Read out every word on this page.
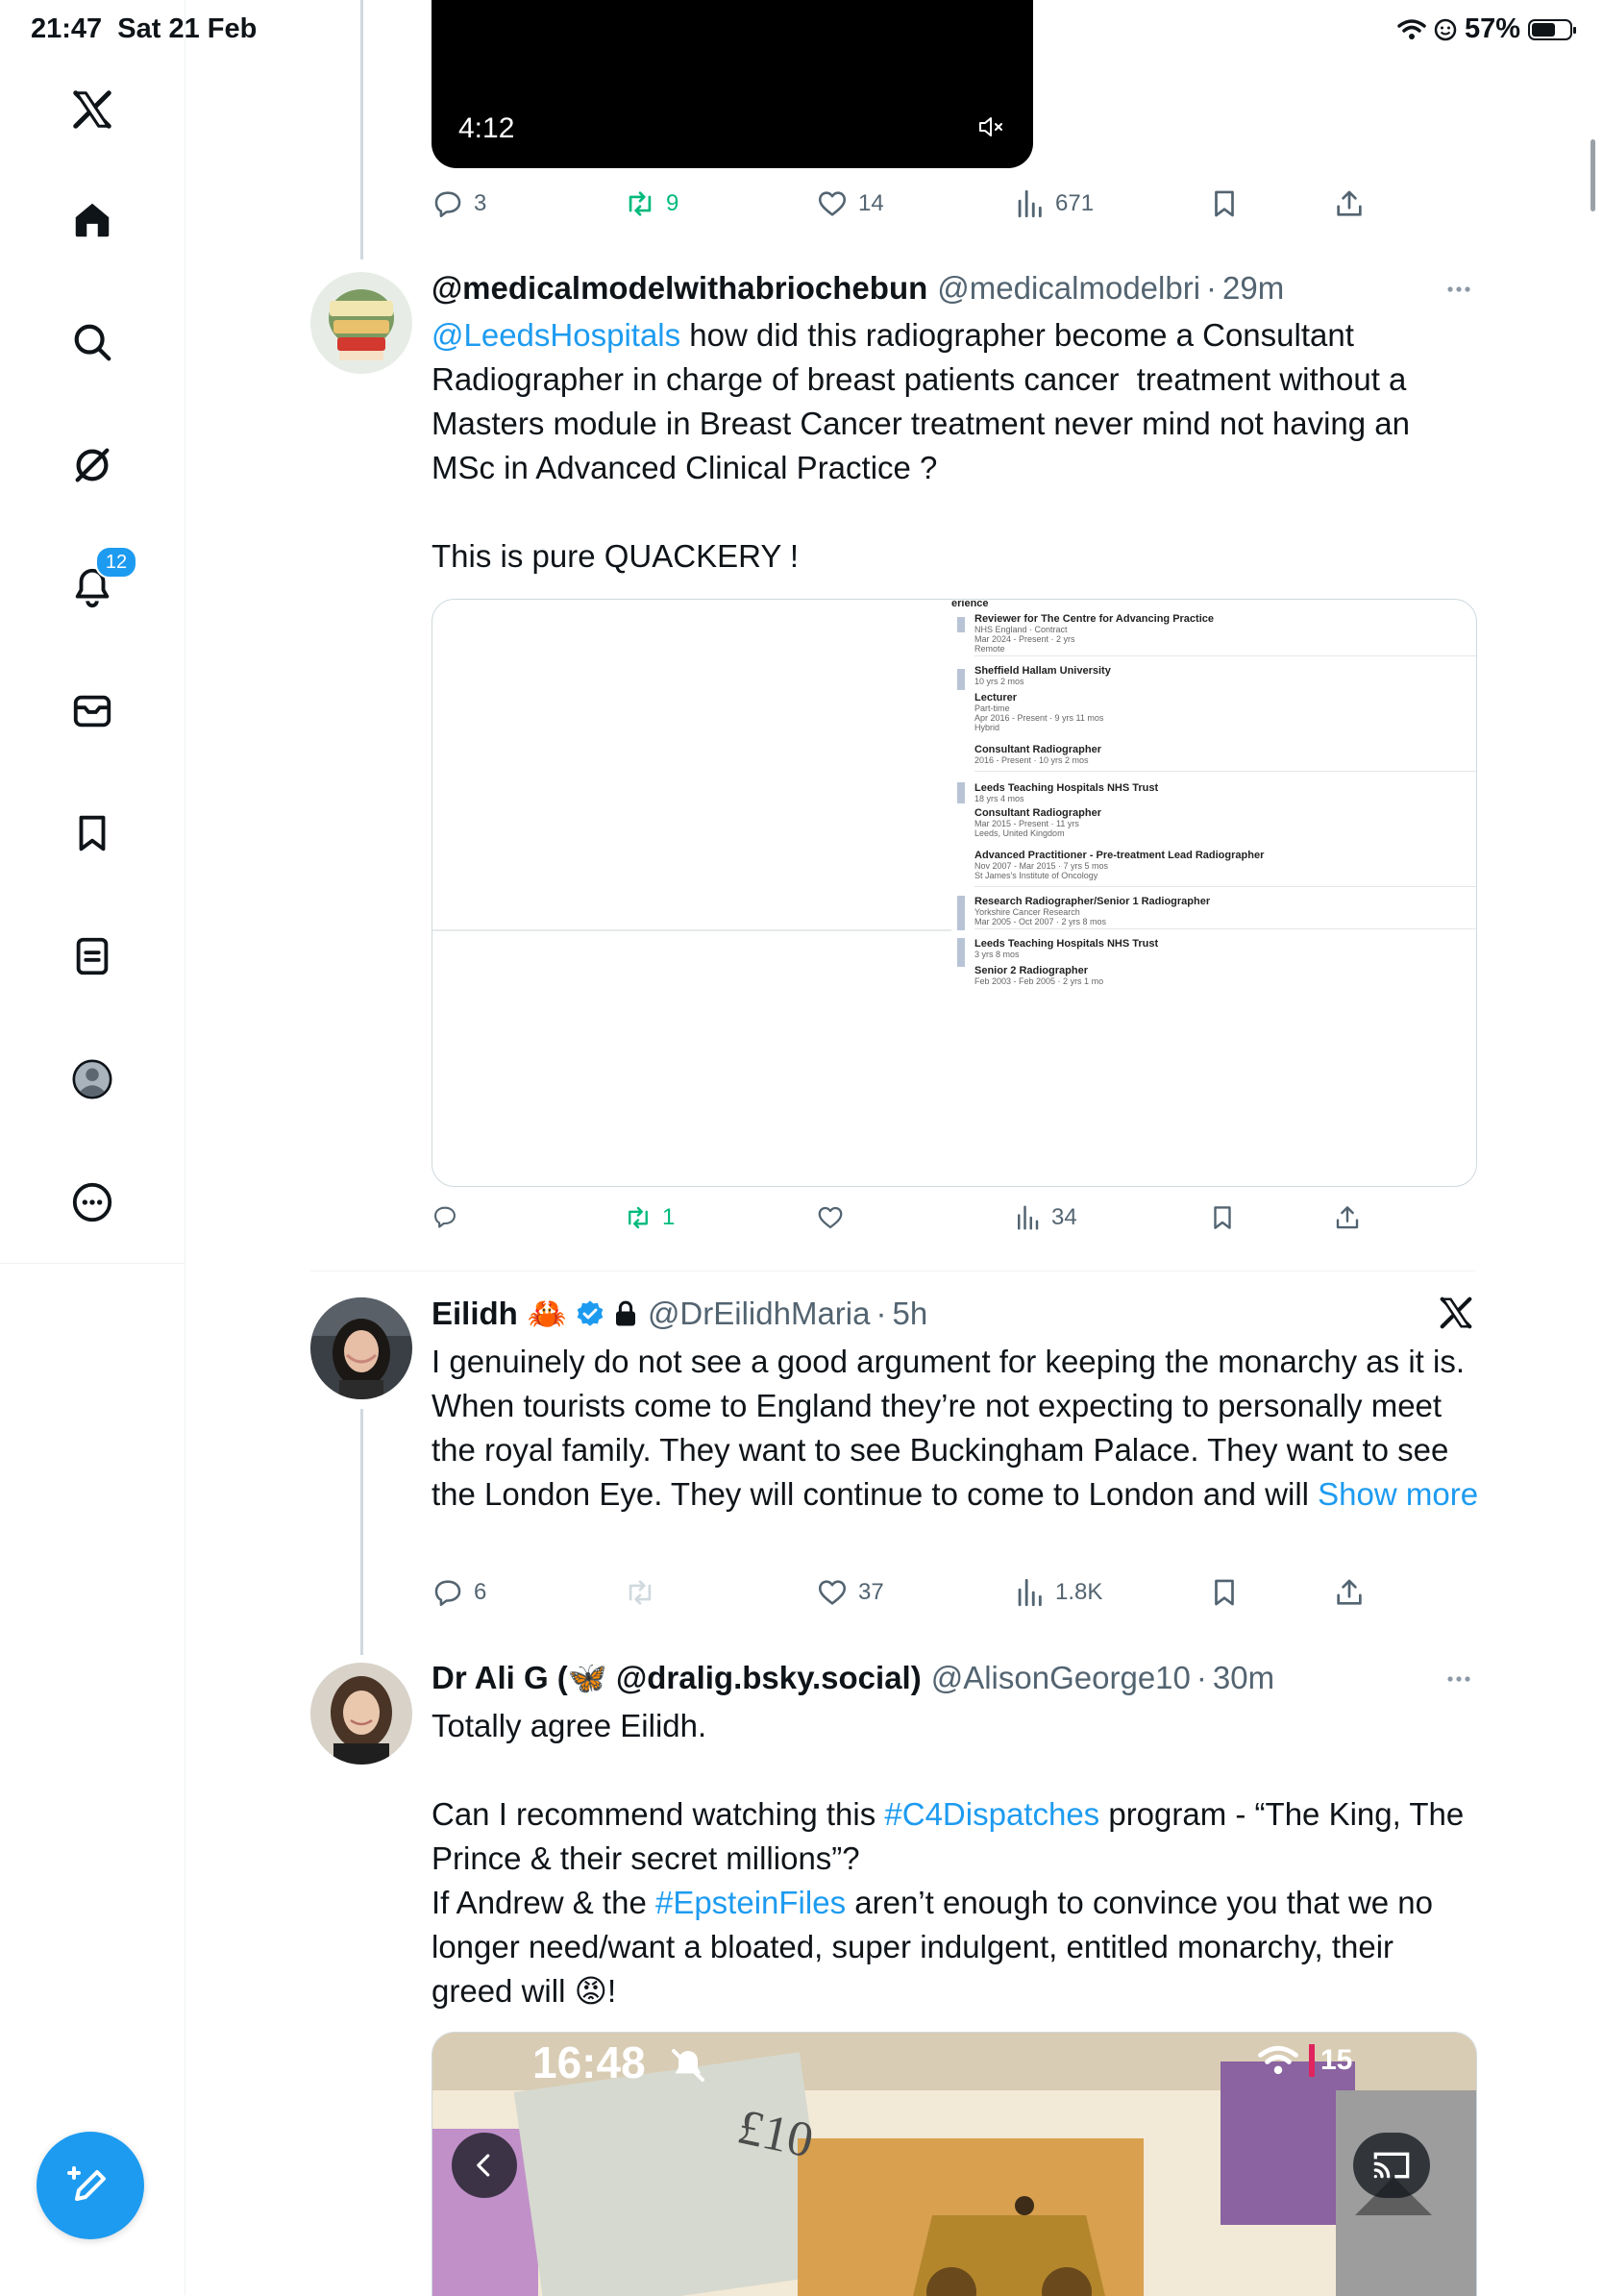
21:47 Sat 21 Feb	57%
12
4:12
3	9	14	671
@medicalmodelwithabriochebun @medicalmodelbri · 29m
@LeedsHospitals how did this radiographer become a Consultant Radiographer in charge of breast patients cancer  treatment without a Masters module in Breast Cancer treatment never mind not having an MSc in Advanced Clinical Practice ?

This is pure QUACKERY !
erience
Reviewer for The Centre for Advancing Practice
NHS England · Contract
Mar 2024 - Present · 2 yrs
Remote
Sheffield Hallam University
10 yrs 2 mos
Lecturer
Part-time
Apr 2016 - Present · 9 yrs 11 mos
Hybrid
Consultant Radiographer
2016 - Present · 10 yrs 2 mos
Leeds Teaching Hospitals NHS Trust
18 yrs 4 mos
Consultant Radiographer
Mar 2015 - Present · 11 yrs
Leeds, United Kingdom
Advanced Practitioner - Pre-treatment Lead Radiographer
Nov 2007 - Mar 2015 · 7 yrs 5 mos
St James's Institute of Oncology
Research Radiographer/Senior 1 Radiographer
Yorkshire Cancer Research
Mar 2005 - Oct 2007 · 2 yrs 8 mos
Leeds Teaching Hospitals NHS Trust
3 yrs 8 mos
Senior 2 Radiographer
Feb 2003 - Feb 2005 · 2 yrs 1 mo
1	34
Eilidh 🦀	@DrEilidhMaria · 5h
I genuinely do not see a good argument for keeping the monarchy as it is. When tourists come to England they’re not expecting to personally meet the royal family. They want to see Buckingham Palace. They want to see the London Eye. They will continue to come to London and will Show more
6	37	1.8K
Dr Ali G (🦋 @dralig.bsky.social) @AlisonGeorge10 · 30m
Totally agree Eilidh.

Can I recommend watching this #C4Dispatches program - “The King, The Prince & their secret millions”?
If Andrew & the #EpsteinFiles aren’t enough to convince you that we no longer need/want a bloated, super indulgent, entitled monarchy, their greed will 😡!
16:48	15
£10
